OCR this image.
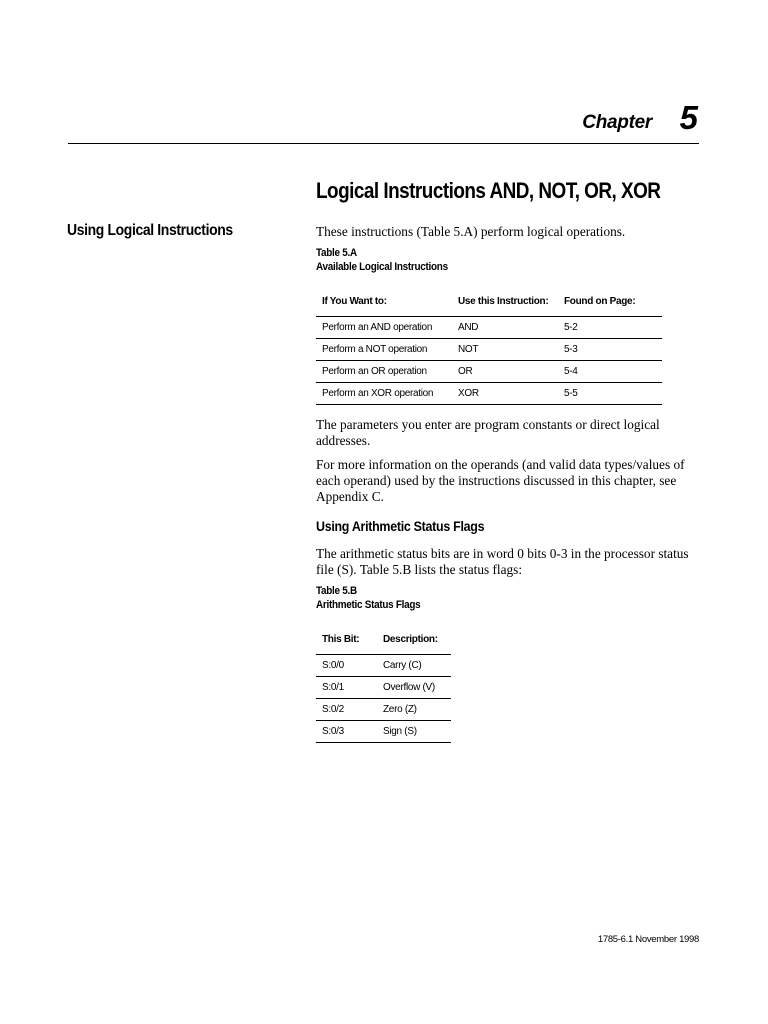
Chapter 5
Logical Instructions AND, NOT, OR, XOR
Using Logical Instructions	These instructions (Table 5.A) perform logical operations.
Table 5.A
Available Logical Instructions
If You Want to:	Use this Instruction:	Found on Page:
Perform an AND operation	AND	5-2
Perform a NOT operation	NOT	5-3
Perform an OR operation	OR	5-4
Perform an XOR operation	XOR	5-5
The parameters you enter are program constants or direct logical addresses.
For more information on the operands (and valid data types/values of each operand) used by the instructions discussed in this chapter, see Appendix C.
Using Arithmetic Status Flags
The arithmetic status bits are in word 0 bits 0-3 in the processor status file (S). Table 5.B lists the status flags:
Table 5.B
Arithmetic Status Flags
This Bit:	Description:
S:0/0	Carry (C)
S:0/1	Overflow (V)
S:0/2	Zero (Z)
S:0/3	Sign (S)
1785-6.1 November 1998
